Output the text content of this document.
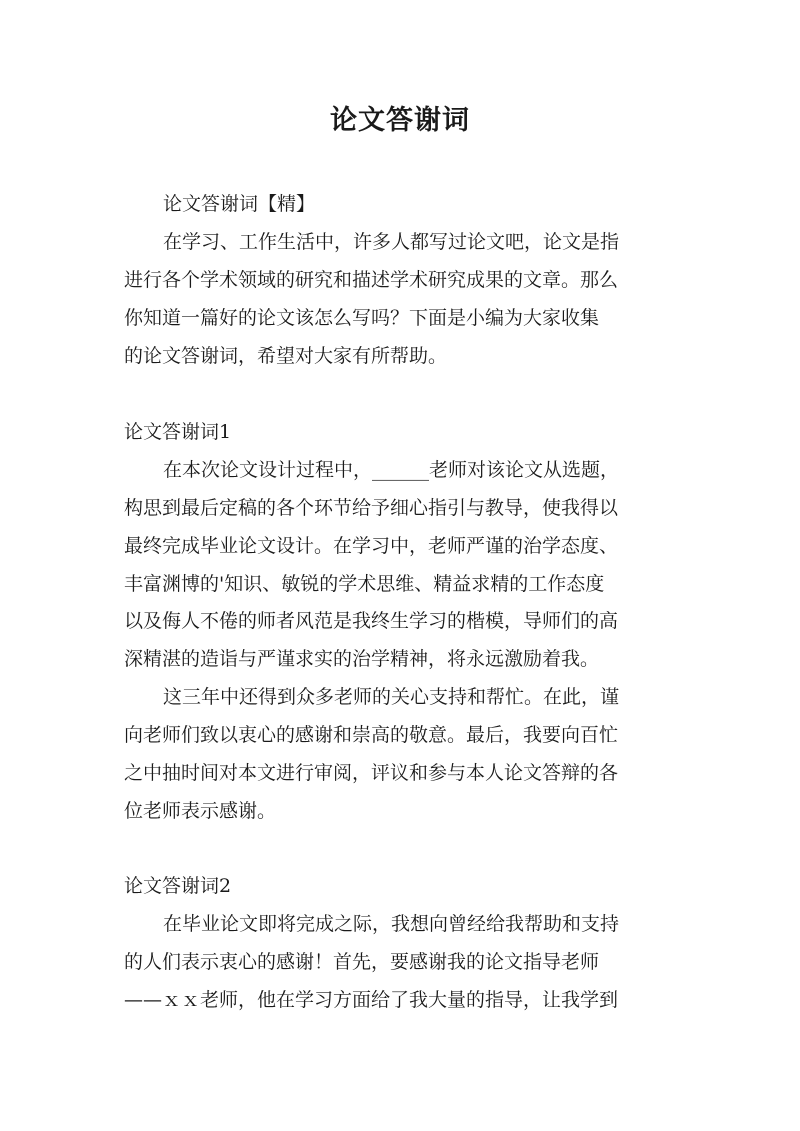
论文答谢词
论文答谢词【精】
在学习、工作生活中，许多人都写过论文吧，论文是指
进行各个学术领域的研究和描述学术研究成果的文章。那么
你知道一篇好的论文该怎么写吗？下面是小编为大家收集
的论文答谢词，希望对大家有所帮助。
论文答谢词1
在本次论文设计过程中，______老师对该论文从选题，
构思到最后定稿的各个环节给予细心指引与教导，使我得以
最终完成毕业论文设计。在学习中，老师严谨的治学态度、
丰富渊博的'知识、敏锐的学术思维、精益求精的工作态度
以及侮人不倦的师者风范是我终生学习的楷模，导师们的高
深精湛的造诣与严谨求实的治学精神，将永远激励着我。
这三年中还得到众多老师的关心支持和帮忙。在此，谨
向老师们致以衷心的感谢和崇高的敬意。最后，我要向百忙
之中抽时间对本文进行审阅，评议和参与本人论文答辩的各
位老师表示感谢。
论文答谢词2
在毕业论文即将完成之际，我想向曾经给我帮助和支持
的人们表示衷心的感谢！首先，要感谢我的论文指导老师
——ｘｘ老师，他在学习方面给了我大量的指导，让我学到
